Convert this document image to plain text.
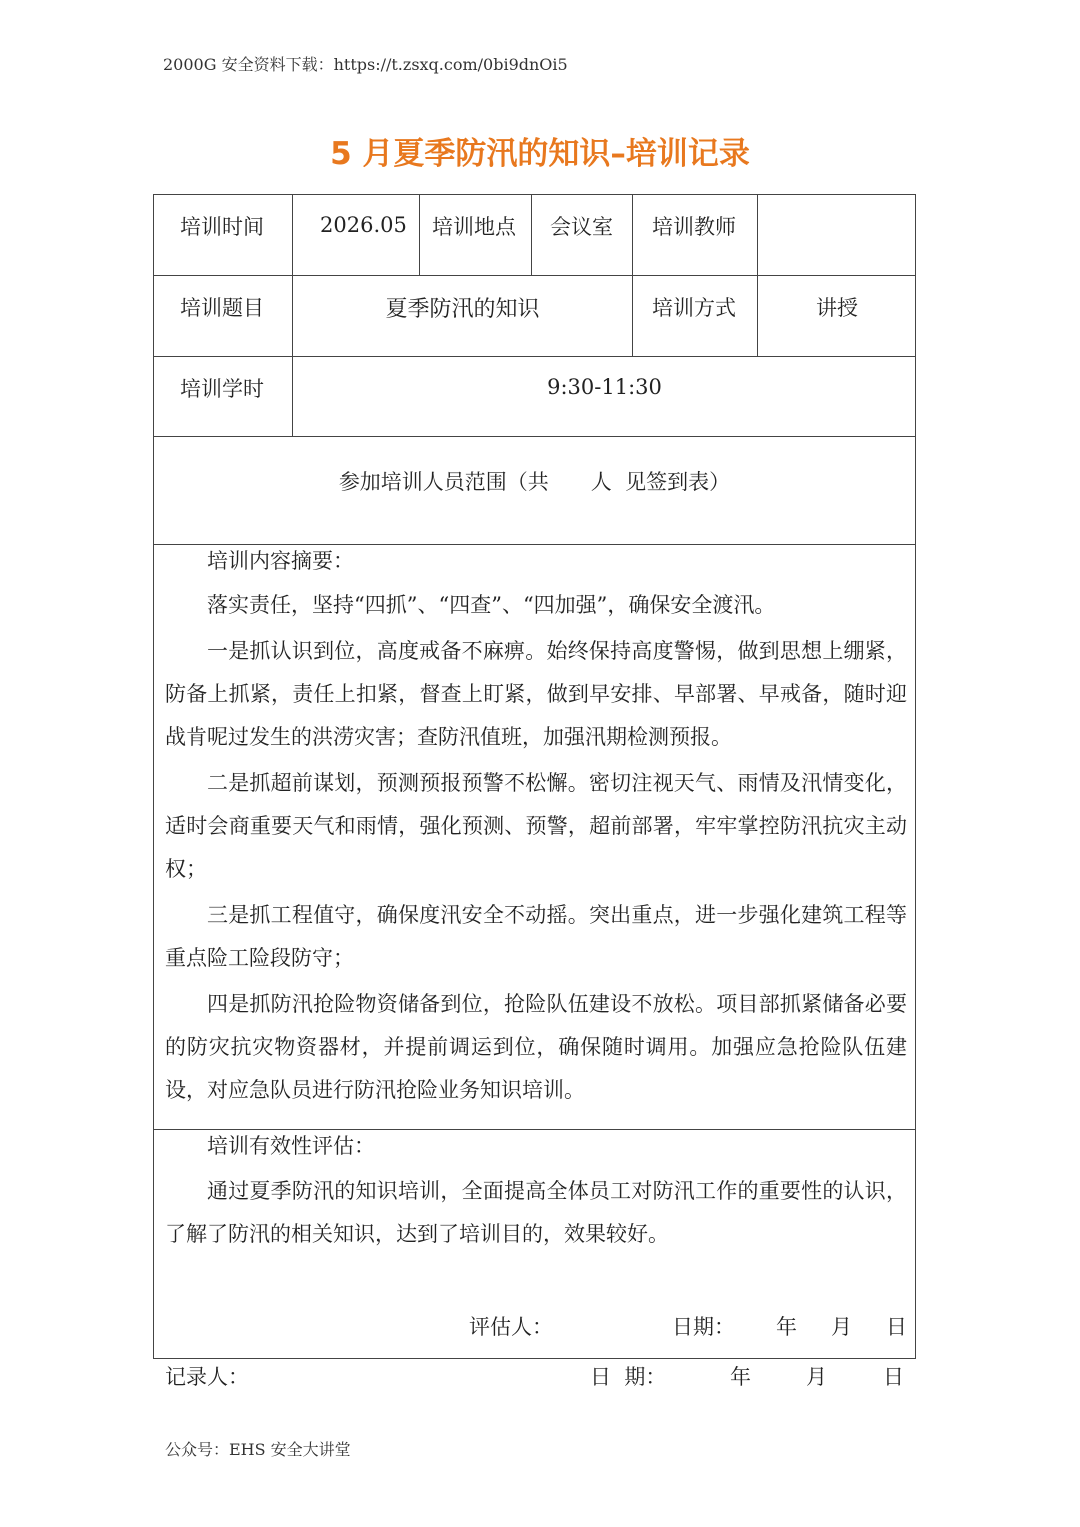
2000G 安全资料下载：https://t.zsxq.com/0bi9dnOi5
5 月夏季防汛的知识–培训记录
培训时间	2026.05 培训地点 会议室 培训教师
培训题目	夏季防汛的知识	培训方式	讲授
培训学时	9:30-11:30
参加培训人员范围（共　　人  见签到表）
培训内容摘要：

落实责任，坚持“四抓”、“四查”、“四加强”，确保安全渡汛。

一是抓认识到位，高度戒备不麻痹。始终保持高度警惕，做到思想上绷紧，防备上抓紧，责任上扣紧，督查上盯紧，做到早安排、早部署、早戒备，随时迎战肯呢过发生的洪涝灾害；查防汛值班，加强汛期检测预报。

二是抓超前谋划，预测预报预警不松懈。密切注视天气、雨情及汛情变化，适时会商重要天气和雨情，强化预测、预警，超前部署，牢牢掌控防汛抗灾主动权；

三是抓工程值守，确保度汛安全不动摇。突出重点，进一步强化建筑工程等重点险工险段防守；

四是抓防汛抢险物资储备到位，抢险队伍建设不放松。项目部抓紧储备必要的防灾抗灾物资器材，并提前调运到位，确保随时调用。加强应急抢险队伍建设，对应急队员进行防汛抢险业务知识培训。

培训有效性评估：

通过夏季防汛的知识培训，全面提高全体员工对防汛工作的重要性的认识，了解了防汛的相关知识，达到了培训目的，效果较好。

评估人：	日期： 年 月 日
记录人：	日  期：	年	月	日
公众号：EHS 安全大讲堂
